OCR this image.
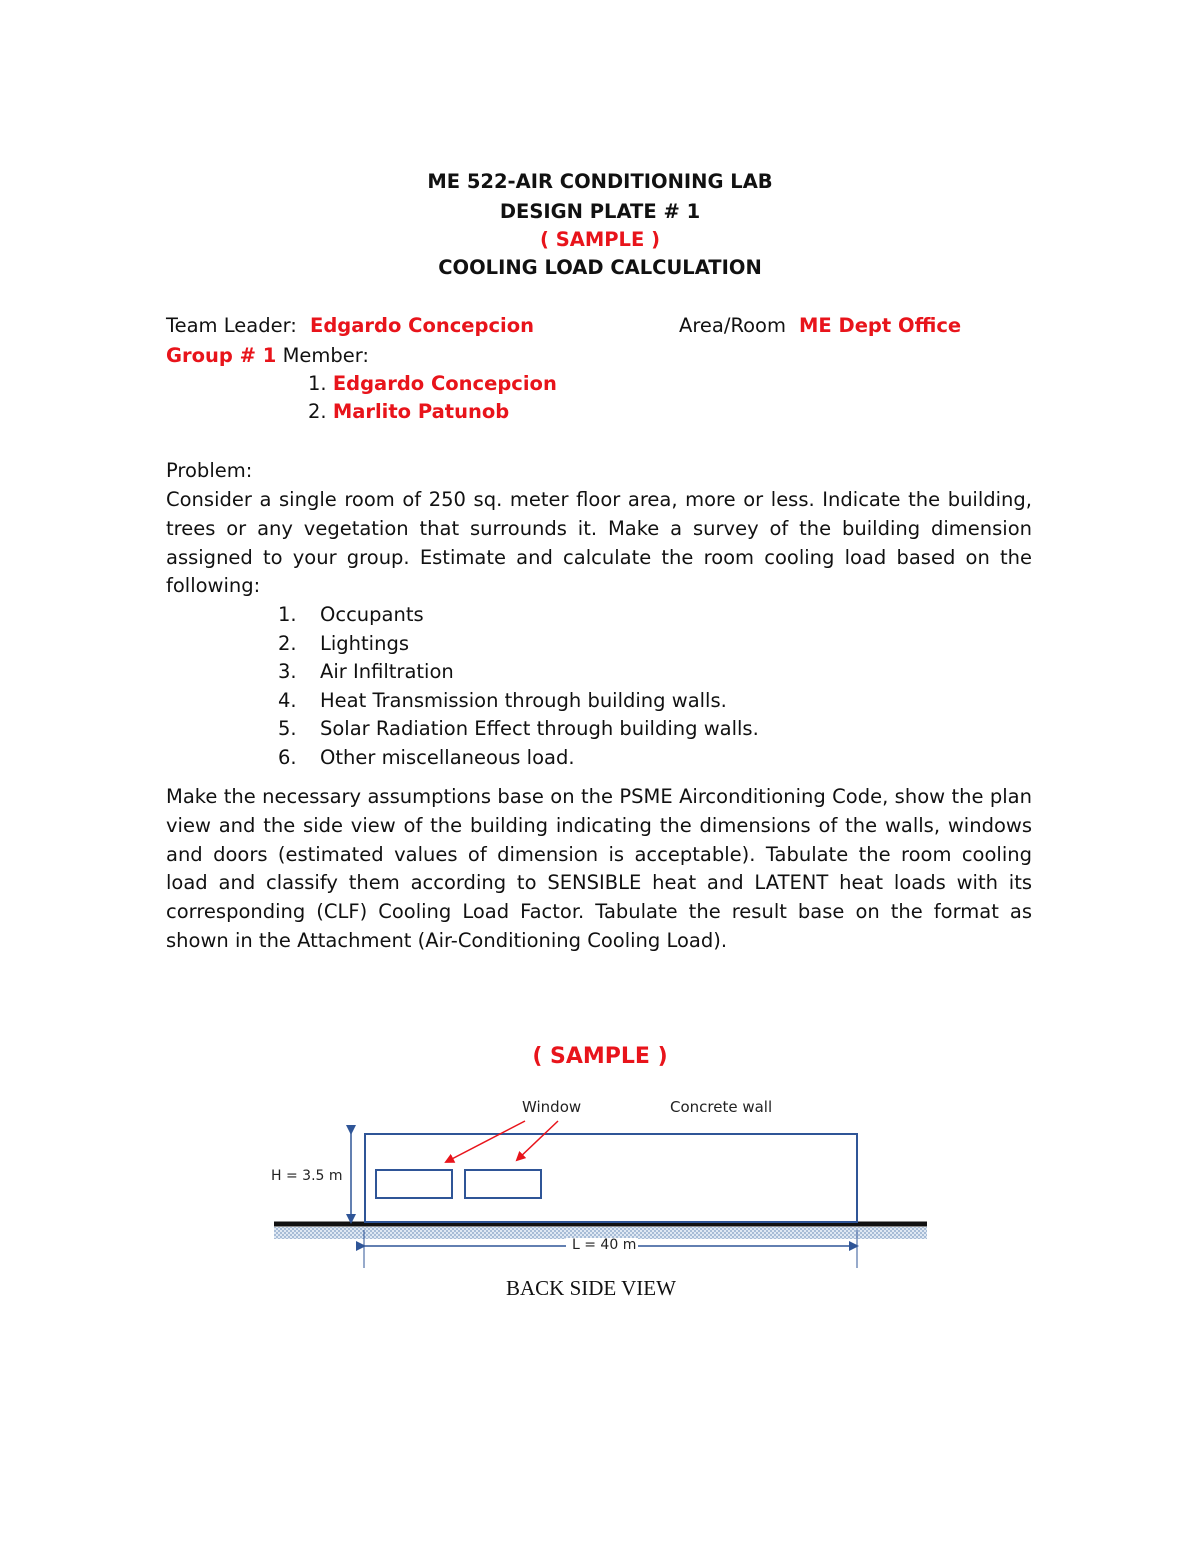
ME 522-AIR CONDITIONING LAB
DESIGN PLATE # 1
( SAMPLE )
COOLING LOAD CALCULATION
Team Leader: Edgardo Concepcion	Area/Room ME Dept Office
Group # 1 Member:
1. Edgardo Concepcion
2. Marlito Patunob
Problem:
Consider a single room of 250 sq. meter floor area, more or less. Indicate the building, trees or any vegetation that surrounds it. Make a survey of the building dimension assigned to your group. Estimate and calculate the room cooling load based on the following:
1. Occupants
2. Lightings
3. Air Infiltration
4. Heat Transmission through building walls.
5. Solar Radiation Effect through building walls.
6. Other miscellaneous load.
Make the necessary assumptions base on the PSME Airconditioning Code, show the plan view and the side view of the building indicating the dimensions of the walls, windows and doors (estimated values of dimension is acceptable). Tabulate the room cooling load and classify them according to SENSIBLE heat and LATENT heat loads with its corresponding (CLF) Cooling Load Factor. Tabulate the result base on the format as shown in the Attachment (Air-Conditioning Cooling Load).
( SAMPLE )
Window	Concrete wall
H = 3.5 m
L = 40 m
BACK SIDE VIEW
